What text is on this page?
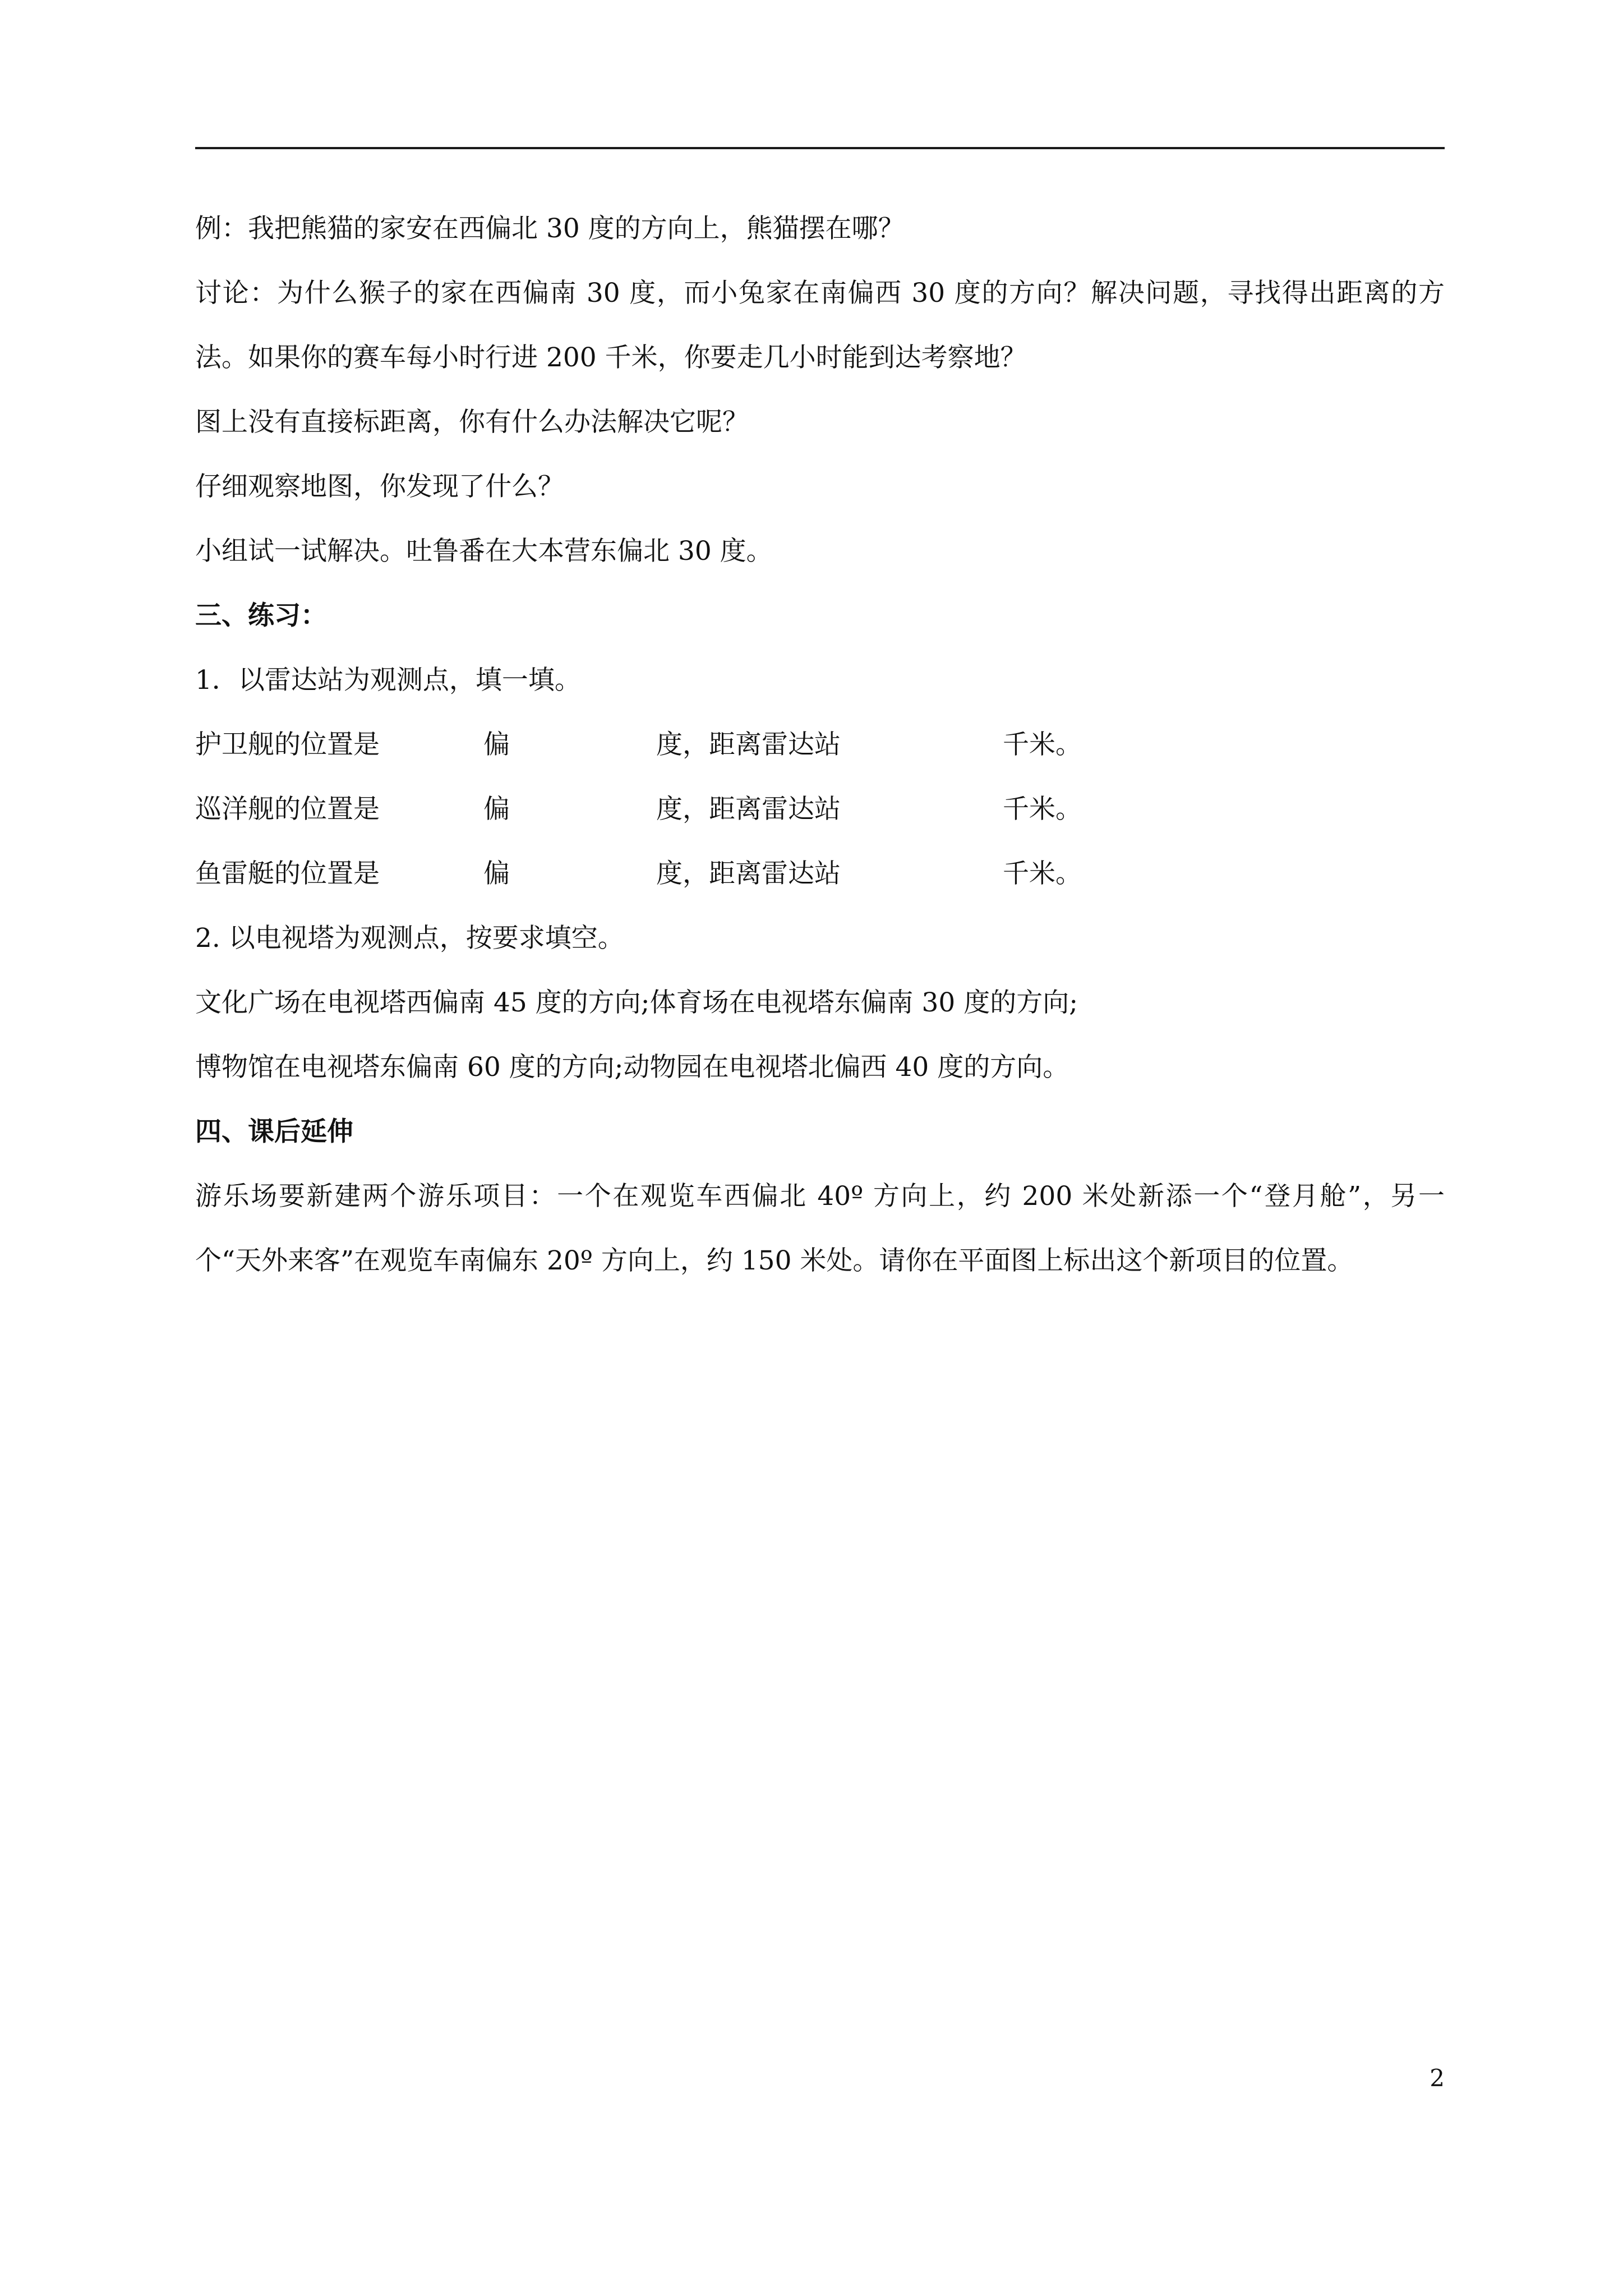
例：我把熊猫的家安在西偏北 30 度的方向上，熊猫摆在哪？

讨论：为什么猴子的家在西偏南 30 度，而小兔家在南偏西 30 度的方向？解决问题，寻找得出距离的方法。如果你的赛车每小时行进 200 千米，你要走几小时能到达考察地？

图上没有直接标距离，你有什么办法解决它呢？

仔细观察地图，你发现了什么？

小组试一试解决。吐鲁番在大本营东偏北 30 度。

三、练习：

1．以雷达站为观测点，填一填。

护卫舰的位置是	偏	度，距离雷达站	千米。
巡洋舰的位置是	偏	度，距离雷达站	千米。
鱼雷艇的位置是	偏	度，距离雷达站	千米。

2. 以电视塔为观测点，按要求填空。

文化广场在电视塔西偏南 45 度的方向;体育场在电视塔东偏南 30 度的方向;

博物馆在电视塔东偏南 60 度的方向;动物园在电视塔北偏西 40 度的方向。

四、课后延伸

游乐场要新建两个游乐项目：一个在观览车西偏北 40º 方向上，约 200 米处新添一个“登月舱”，另一个“天外来客”在观览车南偏东 20º 方向上，约 150 米处。请你在平面图上标出这个新项目的位置。

2
